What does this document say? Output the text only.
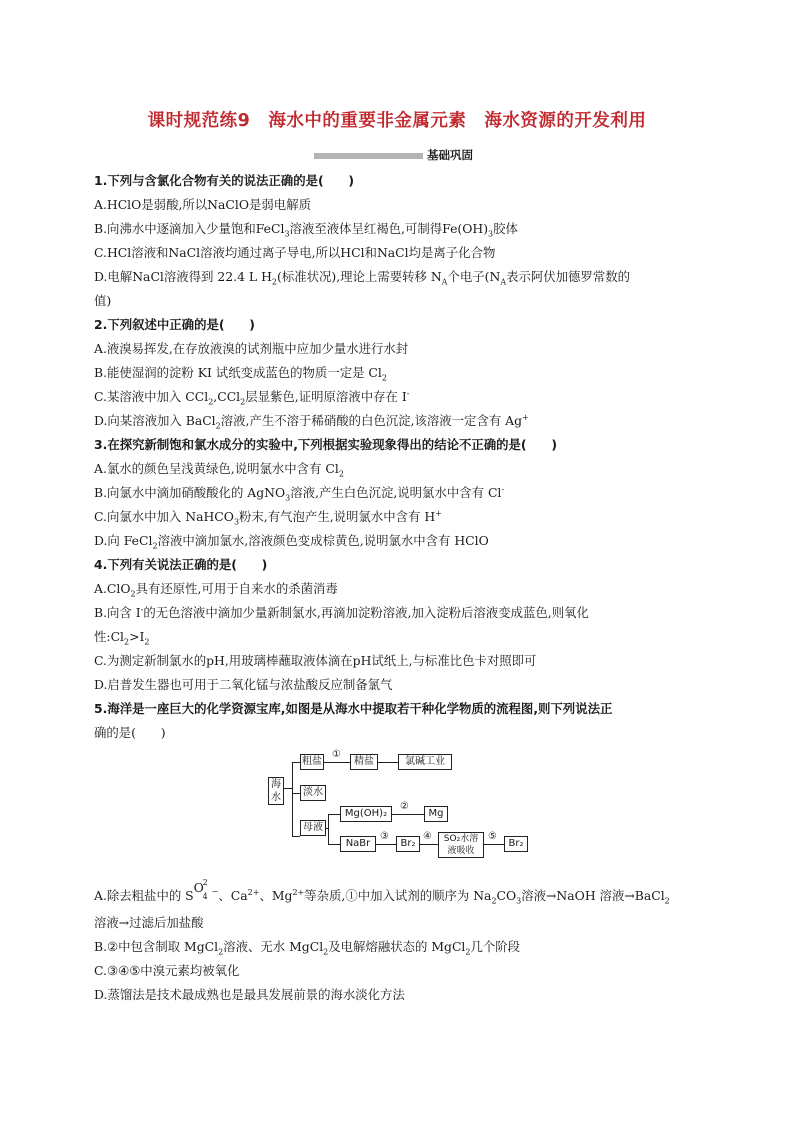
课时规范练9　海水中的重要非金属元素　海水资源的开发利用
基础巩固
1.下列与含氯化合物有关的说法正确的是(　　)
A.HClO是弱酸,所以NaClO是弱电解质
B.向沸水中逐滴加入少量饱和FeCl$_3$溶液至液体呈红褐色,可制得$Fe(OH)_3$胶体
C.HCl溶液和NaCl溶液均通过离子导电,所以HCl和NaCl均是离子化合物
D.电解NaCl溶液得到 22.4 L $H_2$(标准状况),理论上需要转移 $N_A$个电子($N_A$表示阿伏加德罗常数的
值)
2.下列叙述中正确的是(　　)
A.液溴易挥发,在存放液溴的试剂瓶中应加少量水进行水封
B.能使湿润的淀粉 KI 试纸变成蓝色的物质一定是 $Cl_2$
C.某溶液中加入 CCl$_2$,CCl$_2$层显紫色,证明原溶液中存在 I-
D.向某溶液加入 BaCl$_2$溶液,产生不溶于稀硝酸的白色沉淀,该溶液一定含有 Ag+
3.在探究新制饱和氯水成分的实验中,下列根据实验现象得出的结论不正确的是(　　)
A.氯水的颜色呈浅黄绿色,说明氯水中含有 $Cl_2$
B.向氯水中滴加硝酸酸化的 AgNO$_3$溶液,产生白色沉淀,说明氯水中含有 Cl-
C.向氯水中加入 NaHCO$_3$粉末,有气泡产生,说明氯水中含有 H+
D.向 FeCl$_2$溶液中滴加氯水,溶液颜色变成棕黄色,说明氯水中含有 HClO
4.下列有关说法正确的是(　　)
A.ClO$_2$具有还原性,可用于自来水的杀菌消毒
B.向含 I-的无色溶液中滴加少量新制氯水,再滴加淀粉溶液,加入淀粉后溶液变成蓝色,则氧化
性$:Cl_2>I_2$
C.为测定新制氯水的pH,用玻璃棒蘸取液体滴在pH试纸上,与标准比色卡对照即可
D.启普发生器也可用于二氧化锰与浓盐酸反应制备氯气
5.海洋是一座巨大的化学资源宝库,如图是从海水中提取若干种化学物质的流程图,则下列说法正
确的是(　　)
海水
粗盐	精盐	氯碱工业
淡水
母液
Mg(OH)₂	Mg
NaBr	Br₂	SO₂水溶
液吸收
Br₂
①
②
③	④	⑤
A.除去粗盐中的 S
O
2
4
−、$Ca^{2+}$、$Mg^{2+}$等杂质,①中加入试剂的顺序为 $Na_2CO_3$溶液→NaOH 溶液→BaCl$_2$
溶液→过滤后加盐酸
B.②中包含制取 MgCl$_2$溶液、无水 MgCl$_2$及电解熔融状态的 MgCl$_2$几个阶段
C.③④⑤中溴元素均被氧化
D.蒸馏法是技术最成熟也是最具发展前景的海水淡化方法
